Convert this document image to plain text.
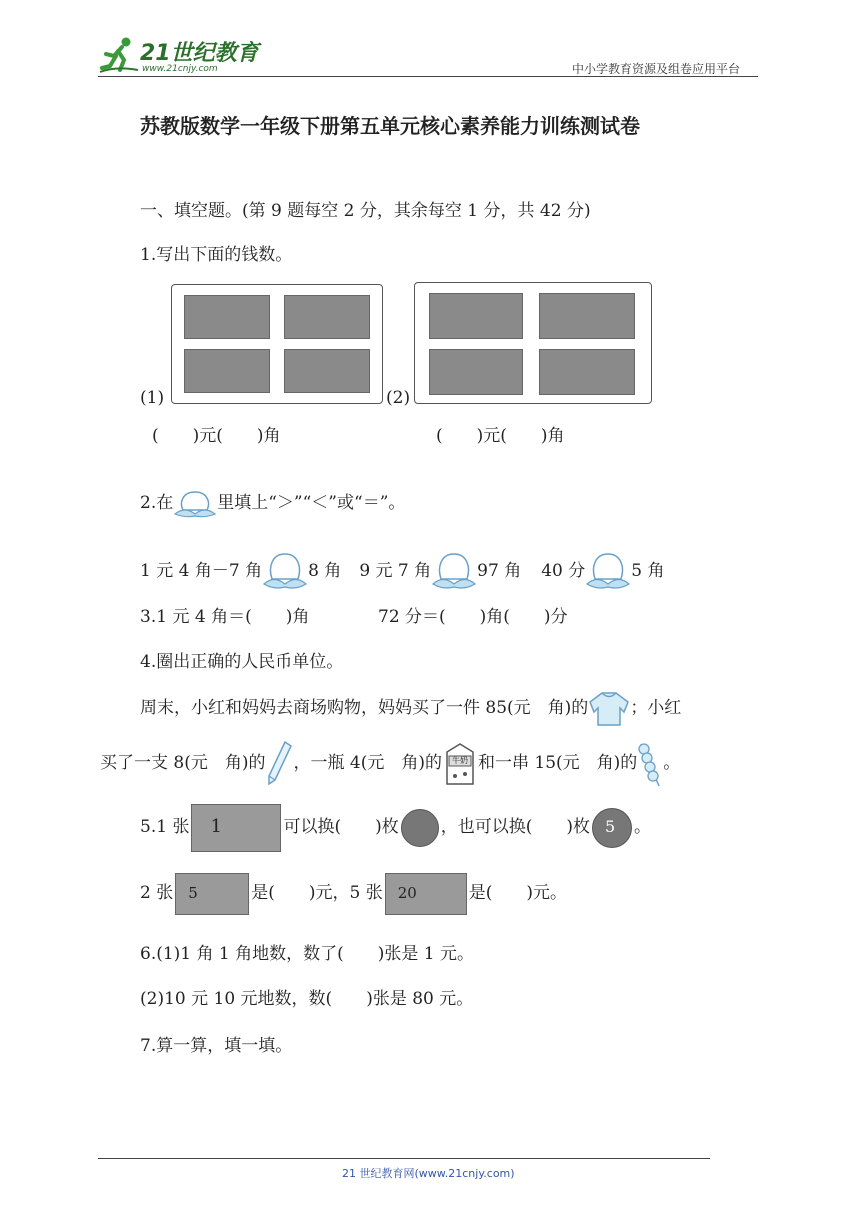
21世纪教育
www.21cnjy.com	中小学教育资源及组卷应用平台
苏教版数学一年级下册第五单元核心素养能力训练测试卷
一、填空题。(第 9 题每空 2 分，其余每空 1 分，共 42 分)
1.写出下面的钱数。
(1)	(2)
(　　)元(　　)角	(　　)元(　　)角
2.在	里填上“＞”“＜”或“＝”。
1 元 4 角－7 角	8 角 9 元 7 角	97 角 40 分	5 角
3.1 元 4 角＝(　　)角	72 分＝(　　)角(　　)分
4.圈出正确的人民币单位。
周末，小红和妈妈去商场购物，妈妈买了一件 85(元　角)的 ；小红
买了一支 8(元　角)的 ，一瓶 4(元　角)的 牛奶 和一串 15(元　角)的 。
5.1 张 1	可以换(　　)枚 ，也可以换(　　)枚 5 。
2 张 5	是(　　)元，5 张 20	是(　　)元。
6.(1)1 角 1 角地数，数了(　　)张是 1 元。
(2)10 元 10 元地数，数(　　)张是 80 元。
7.算一算，填一填。
21 世纪教育网(www.21cnjy.com)
